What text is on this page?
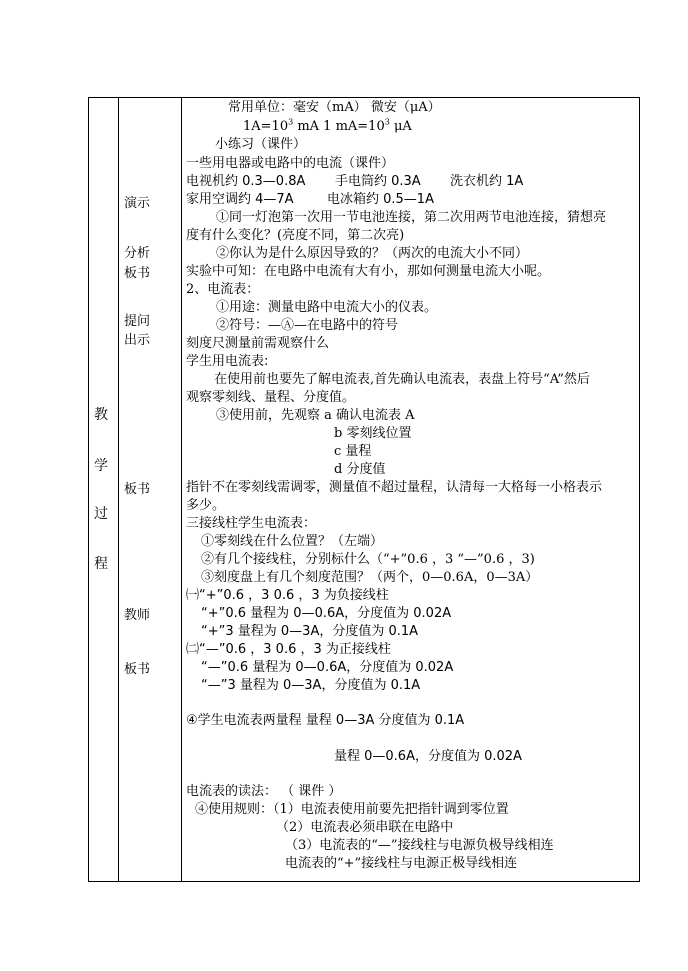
教
学
过
程
演示
分析
板书
提问
出示
板书
教师
板书
常用单位：毫安（mA） 微安（μA）
$1A=10^3$ mA 1 $mA=10^3$ μA
小练习（课件）
一些用电器或电路中的电流（课件）
电视机约 0.3—0.8A 手电筒约 0.3A 洗衣机约 1A
家用空调约 4—7A	电冰箱约 0.5—1A
①同一灯泡第一次用一节电池连接，第二次用两节电池连接，猜想亮
度有什么变化？(亮度不同，第二次亮)
②你认为是什么原因导致的？（两次的电流大小不同）
实验中可知：在电路中电流有大有小，那如何测量电流大小呢。
2、电流表：
①用途：测量电路中电流大小的仪表。
②符号：—Ⓐ—在电路中的符号
刻度尺测量前需观察什么
学生用电流表:
在使用前也要先了解电流表,首先确认电流表，表盘上符号“A”然后
观察零刻线、量程、分度值。
③使用前，先观察 a 确认电流表 A
b 零刻线位置
c 量程
d 分度值
指针不在零刻线需调零，测量值不超过量程，认清每一大格每一小格表示
多少。
三接线柱学生电流表：
①零刻线在什么位置？（左端）
②有几个接线柱，分别标什么（“+”0.6 ，3 “—”0.6 ，3)
③刻度盘上有几个刻度范围？（两个，0—0.6A，0—3A）
㈠“+”0.6 ，3 0.6 ，3 为负接线柱
“+”0.6 量程为 0—0.6A，分度值为 0.02A
“+”3 量程为 0—3A，分度值为 0.1A
㈡“—”0.6 ，3 0.6 ，3 为正接线柱
“—”0.6 量程为 0—0.6A，分度值为 0.02A
“—”3 量程为 0—3A，分度值为 0.1A
④学生电流表两量程 量程 0—3A 分度值为 0.1A
量程 0—0.6A，分度值为 0.02A
电流表的读法： （ 课件 ）
④使用规则：（1）电流表使用前要先把指针调到零位置
（2）电流表必须串联在电路中
（3）电流表的“—”接线柱与电源负极导线相连
电流表的“+”接线柱与电源正极导线相连
